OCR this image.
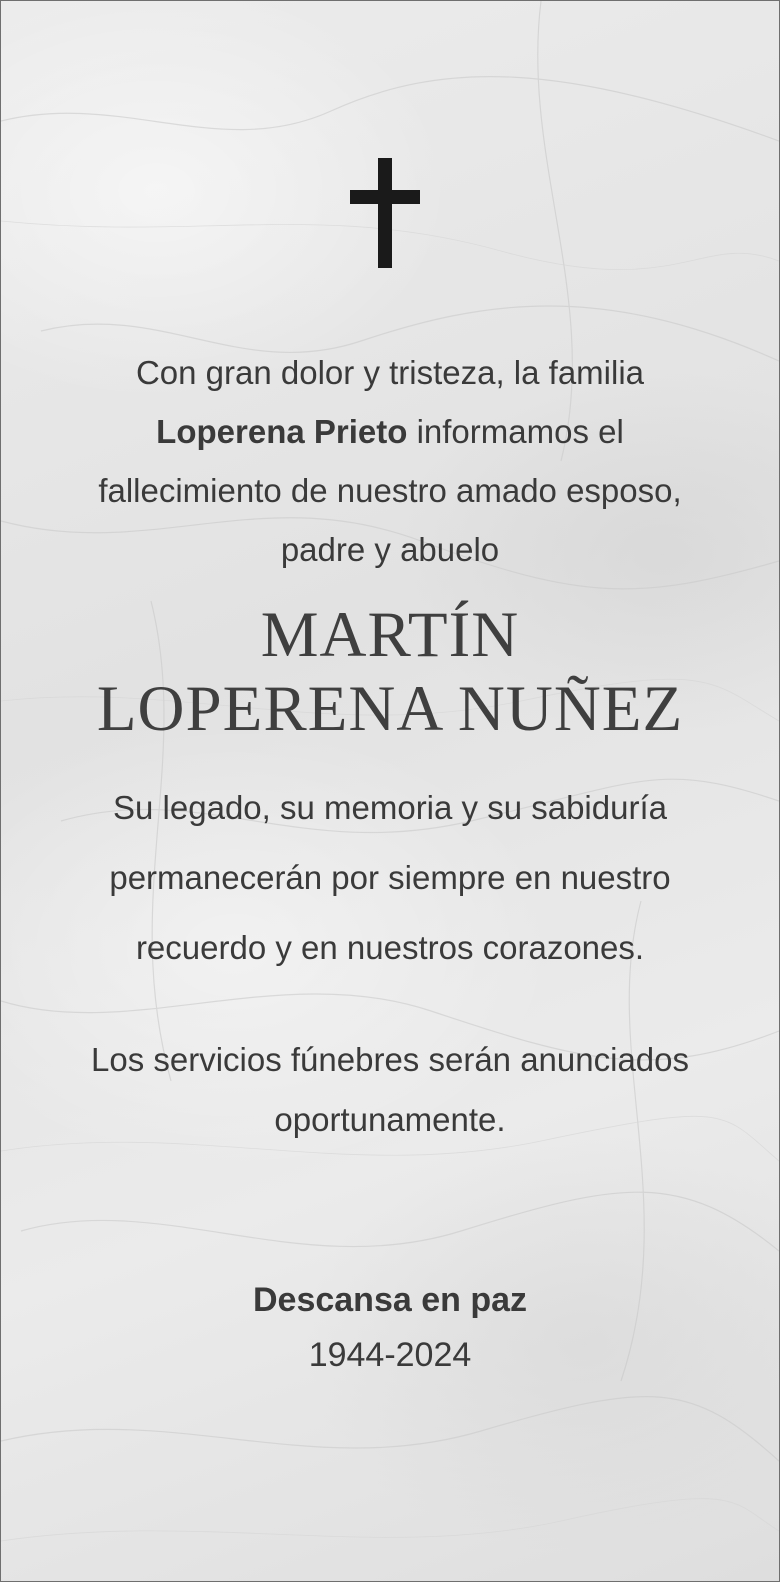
Con gran dolor y tristeza, la familia
Loperena Prieto informamos el
fallecimiento de nuestro amado esposo,
padre y abuelo
MARTÍN
LOPERENA NUÑEZ
Su legado, su memoria y su sabiduría
permanecerán por siempre en nuestro
recuerdo y en nuestros corazones.
Los servicios fúnebres serán anunciados
oportunamente.
Descansa en paz
1944-2024
